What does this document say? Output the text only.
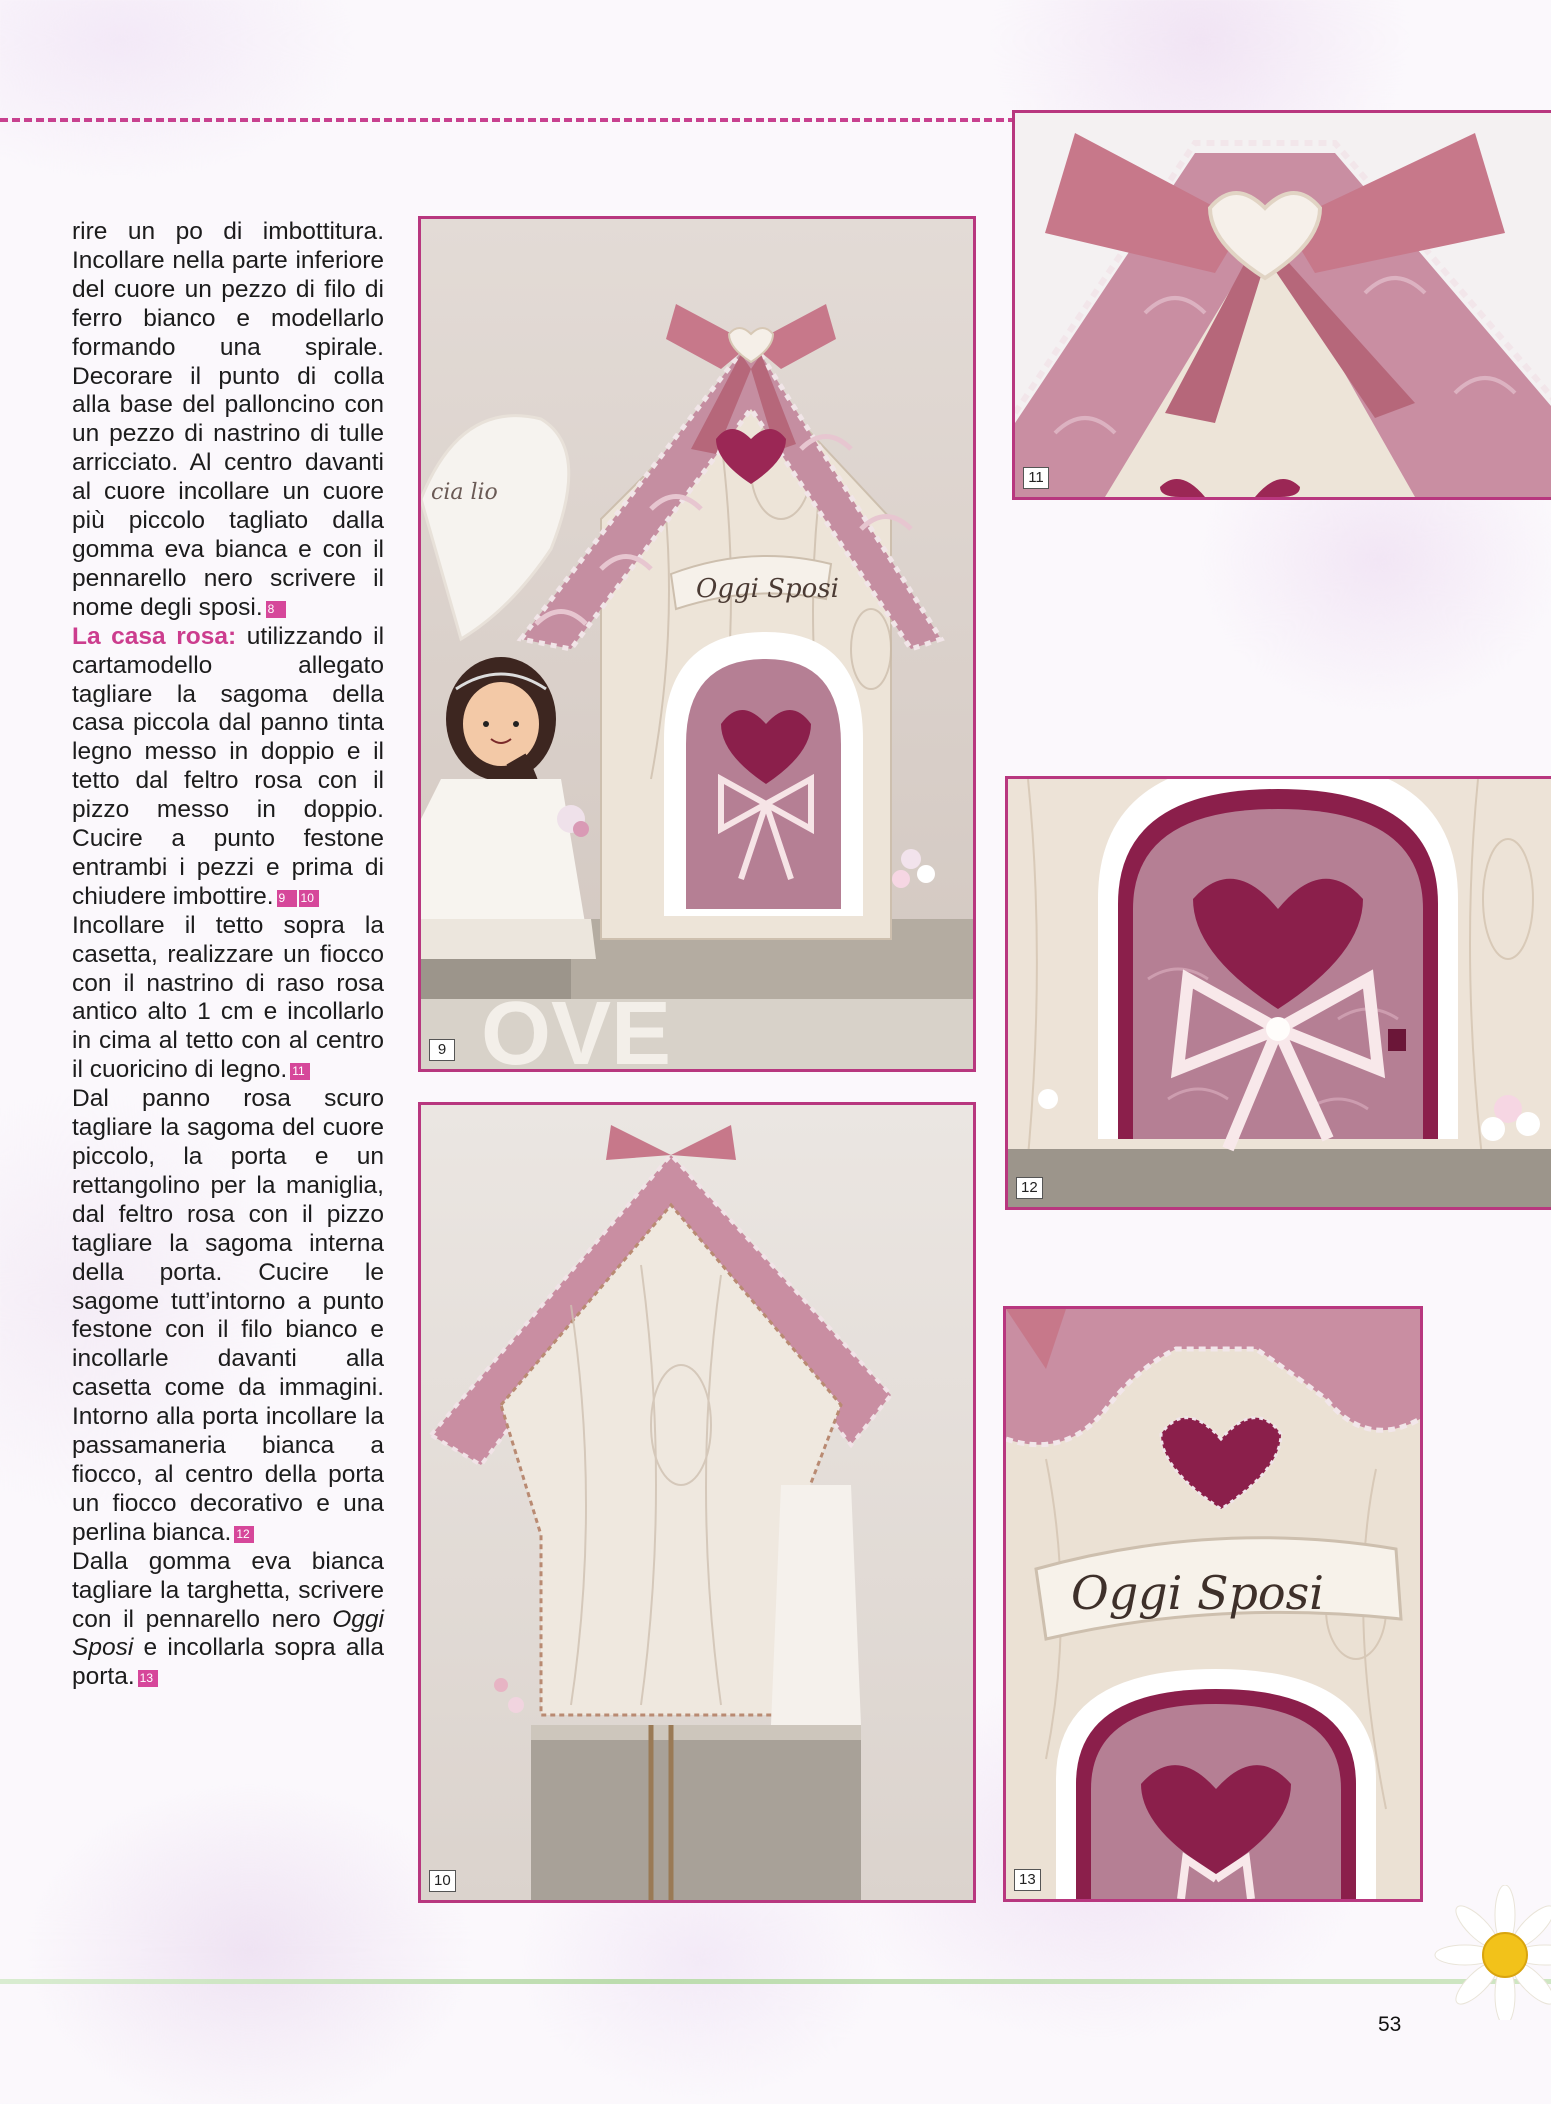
rire un po di imbottitura. Incollare nella parte inferiore del cuore un pezzo di filo di ferro bianco e modellarlo formando una spirale. Decorare il punto di colla alla base del palloncino con un pezzo di nastrino di tulle arricciato. Al centro davanti al cuore incollare un cuore più piccolo tagliato dalla gomma eva bianca e con il pennarello nero scrivere il nome degli sposi. 8

La casa rosa: utilizzando il cartamodello allegato tagliare la sagoma della casa piccola dal panno tinta legno messo in doppio e il tetto dal feltro rosa con il pizzo messo in doppio. Cucire a punto festone entrambi i pezzi e prima di chiudere imbottire. 9 10

Incollare il tetto sopra la casetta, realizzare un fiocco con il nastrino di raso rosa antico alto 1 cm e incollarlo in cima al tetto con al centro il cuoricino di legno. 11

Dal panno rosa scuro tagliare la sagoma del cuore piccolo, la porta e un rettangolino per la maniglia, dal feltro rosa con il pizzo tagliare la sagoma interna della porta. Cucire le sagome tutt’intorno a punto festone con il filo bianco e incollarle davanti alla casetta come da immagini. Intorno alla porta incollare la passamaneria bianca a fiocco, al centro della porta un fiocco decorativo e una perlina bianca. 12

Dalla gomma eva bianca tagliare la targhetta, scrivere con il pennarello nero Oggi Sposi e incollarla sopra alla porta. 13

cia lio
OVE
Oggi Sposi
9
11
12
10
Oggi Sposi
13
53
